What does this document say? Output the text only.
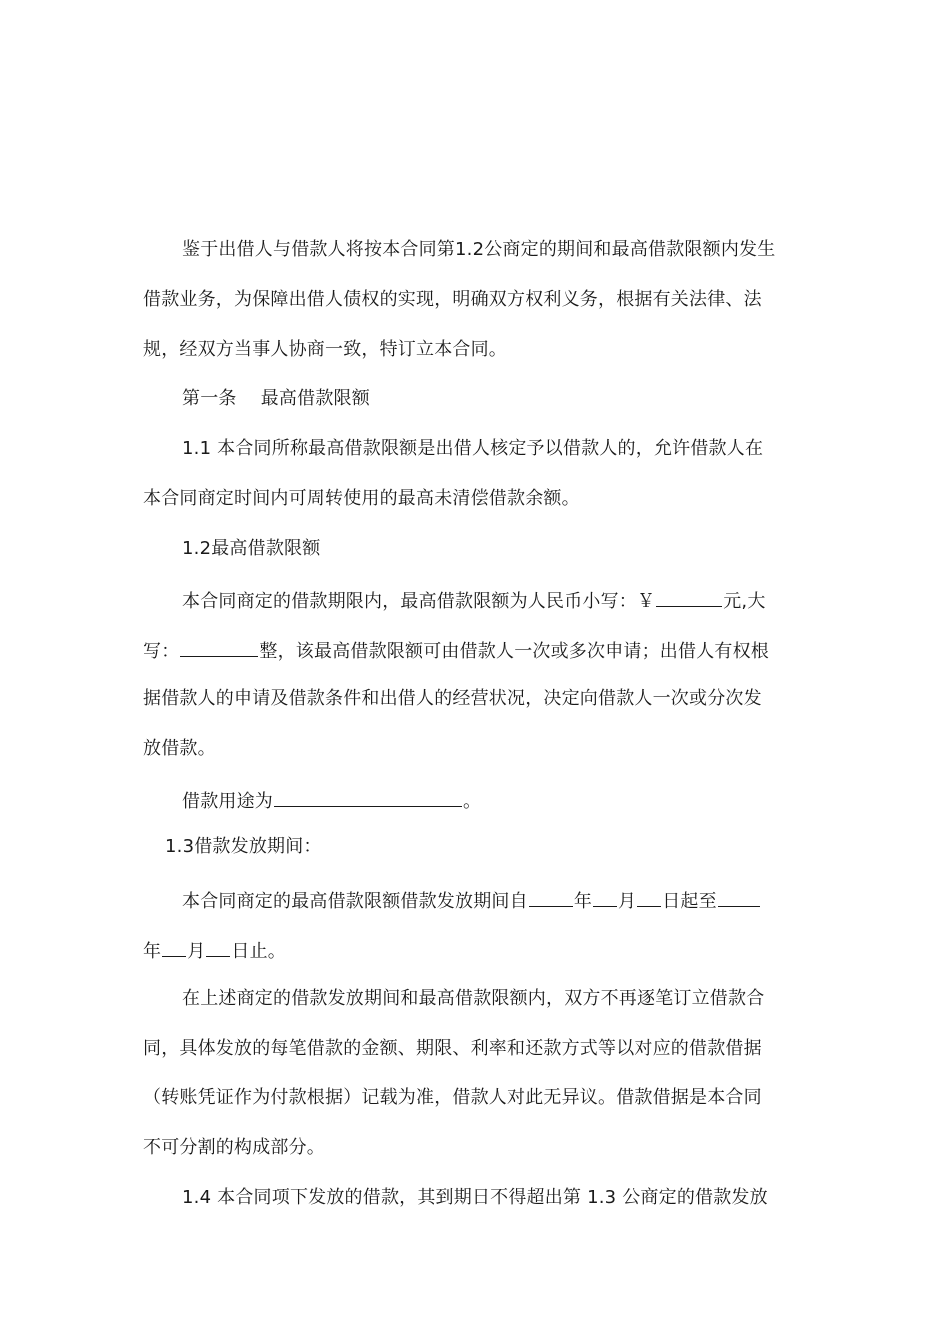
鉴于出借人与借款人将按本合同第1.2公商定的期间和最高借款限额内发生
借款业务，为保障出借人债权的实现，明确双方权利义务，根据有关法律、法
规，经双方当事人协商一致，特订立本合同。
第一条　 最高借款限额
1.1 本合同所称最高借款限额是出借人核定予以借款人的，允许借款人在
本合同商定时间内可周转使用的最高未清偿借款余额。
1.2最高借款限额
本合同商定的借款期限内，最高借款限额为人民币小写：￥	元,大
写：	整，该最高借款限额可由借款人一次或多次申请；出借人有权根
据借款人的申请及借款条件和出借人的经营状况，决定向借款人一次或分次发
放借款。
借款用途为	。
1.3借款发放期间：
本合同商定的最高借款限额借款发放期间自	年 月 日起至
年 月 日止。
在上述商定的借款发放期间和最高借款限额内，双方不再逐笔订立借款合
同，具体发放的每笔借款的金额、期限、利率和还款方式等以对应的借款借据
（转账凭证作为付款根据）记载为准，借款人对此无异议。借款借据是本合同
不可分割的构成部分。
1.4 本合同项下发放的借款，其到期日不得超出第 1.3 公商定的借款发放
